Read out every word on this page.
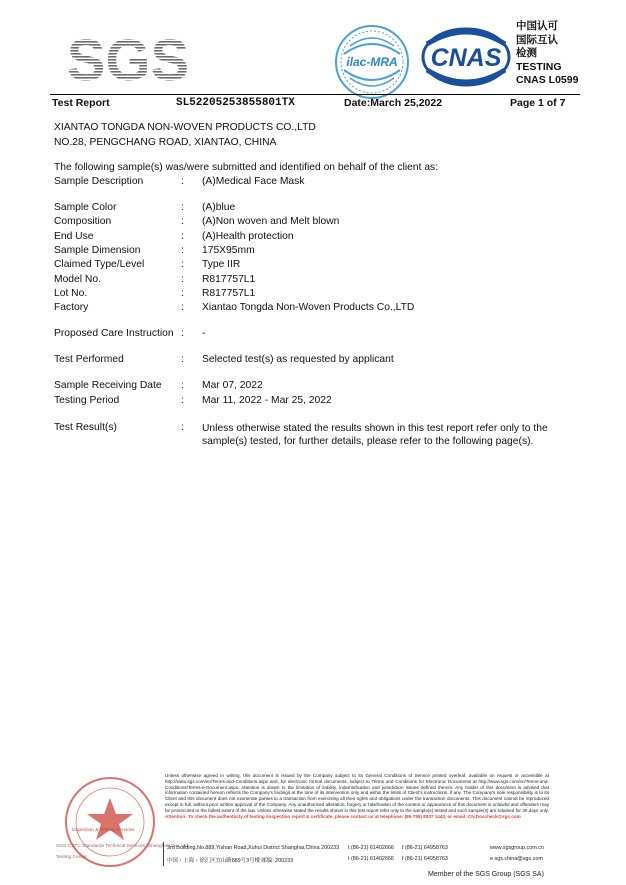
SGS	ilac-MRA CNAS
中国认可
国际互认
检测
TESTING
CNAS L0599
Test Report	SL52205253855801TX	Date:March 25,2022	Page 1 of 7
XIANTAO TONGDA NON-WOVEN PRODUCTS CO.,LTD
NO.28, PENGCHANG ROAD, XIANTAO, CHINA
The following sample(s) was/were submitted and identified on behalf of the client as:
Sample Description	: (A)Medical Face Mask
Sample Color	: (A)blue
Composition	: (A)Non woven and Melt blown
End Use	: (A)Health protection
Sample Dimension	: 175X95mm
Claimed Type/Level	: Type IIR
Model No.	: R817757L1
Lot No.	: R817757L1
Factory	: Xiantao Tongda Non-Woven Products Co.,LTD
Proposed Care Instruction : -
Test Performed	: Selected test(s) as requested by applicant
Sample Receiving Date : Mar 07, 2022
Testing Period	: Mar 11, 2022 - Mar 25, 2022
Test Result(s)	: Unless otherwise stated the results shown in this test report refer only to the sample(s) tested, for further details, please refer to the following page(s).
Inspection & Testing Services
SGS-CSTC Standards Technical Services (Shanghai) Co., Ltd.
Testing Center
Unless otherwise agreed in writing, this document is issued by the Company subject to its General Conditions of Service printed overleaf, available on request or accessible at http://www.sgs.com/en/Terms-and-Conditions.aspx and, for electronic format documents, subject to Terms and Conditions for Electronic Documents at http://www.sgs.com/en/Terms-and-Conditions/Terms-e-Document.aspx. Attention is drawn to the limitation of liability, indemnification and jurisdiction issues defined therein. Any holder of this document is advised that information contained hereon reflects the Company's findings at the time of its intervention only and within the limits of Client's instructions, if any. The Company's sole responsibility is to its Client and this document does not exonerate parties to a transaction from exercising all their rights and obligations under the transaction documents. This document cannot be reproduced except in full, without prior written approval of the Company. Any unauthorized alteration, forgery or falsification of the content or appearance of this document is unlawful and offenders may be prosecuted to the fullest extent of the law. Unless otherwise stated the results shown in this test report refer only to the sample(s) tested and such sample(s) are retained for 30 days only. Attention: To check the authenticity of testing /inspection report & certificate, please contact us at telephone: (86-755) 8307 1443, or email: CN.Doccheck@sgs.com
3rd Building,No.889,Yishan Road,Xuhui District Shanghai,China 200233
中国・上海・徐汇区宜山路889号3号楼 邮编: 200233
t (86-21) 61402666
t (86-21) 61402666
f (86-21) 64958763
f (86-21) 64958763
www.sgsgroup.com.cn
e sgs.china@sgs.com
Member of the SGS Group (SGS SA)
